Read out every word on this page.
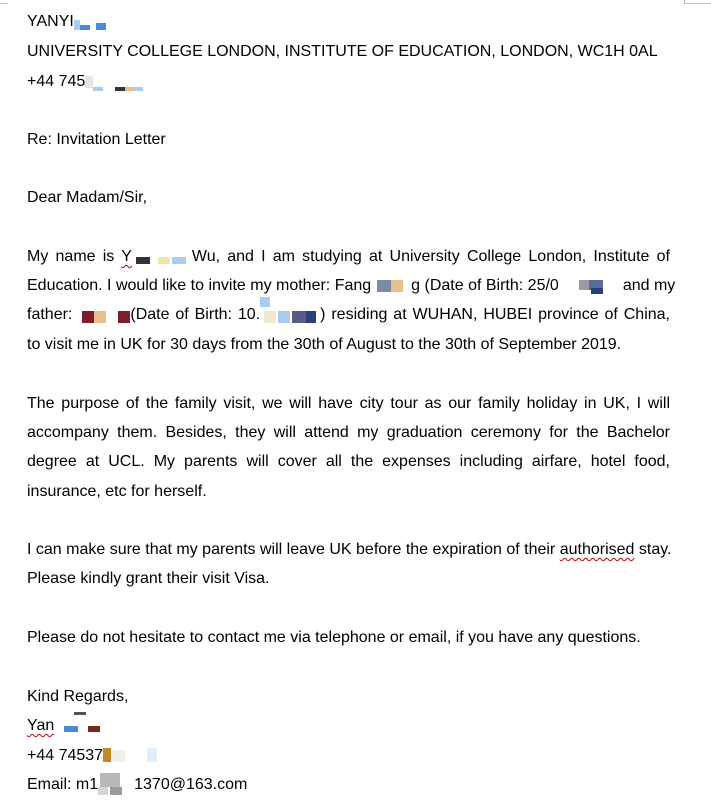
YANYI
UNIVERSITY COLLEGE LONDON, INSTITUTE OF EDUCATION, LONDON, WC1H 0AL
+44 745
Re: Invitation Letter
Dear Madam/Sir,
My name is Y	Wu, and I am studying at University College London, Institute of
Education. I would like to invite my mother: Fang	g (Date of Birth: 25/0	and my
father:	(Date of Birth: 10.	) residing at WUHAN, HUBEI province of China,
to visit me in UK for 30 days from the 30th of August to the 30th of September 2019.
The purpose of the family visit, we will have city tour as our family holiday in UK, I will
accompany them. Besides, they will attend my graduation ceremony for the Bachelor
degree at UCL. My parents will cover all the expenses including airfare, hotel food,
insurance, etc for herself.
I can make sure that my parents will leave UK before the expiration of their authorised stay.
Please kindly grant their visit Visa.
Please do not hesitate to contact me via telephone or email, if you have any questions.
Kind Regards,
Yan
+44 74537
Email: m1 1370@163.com
